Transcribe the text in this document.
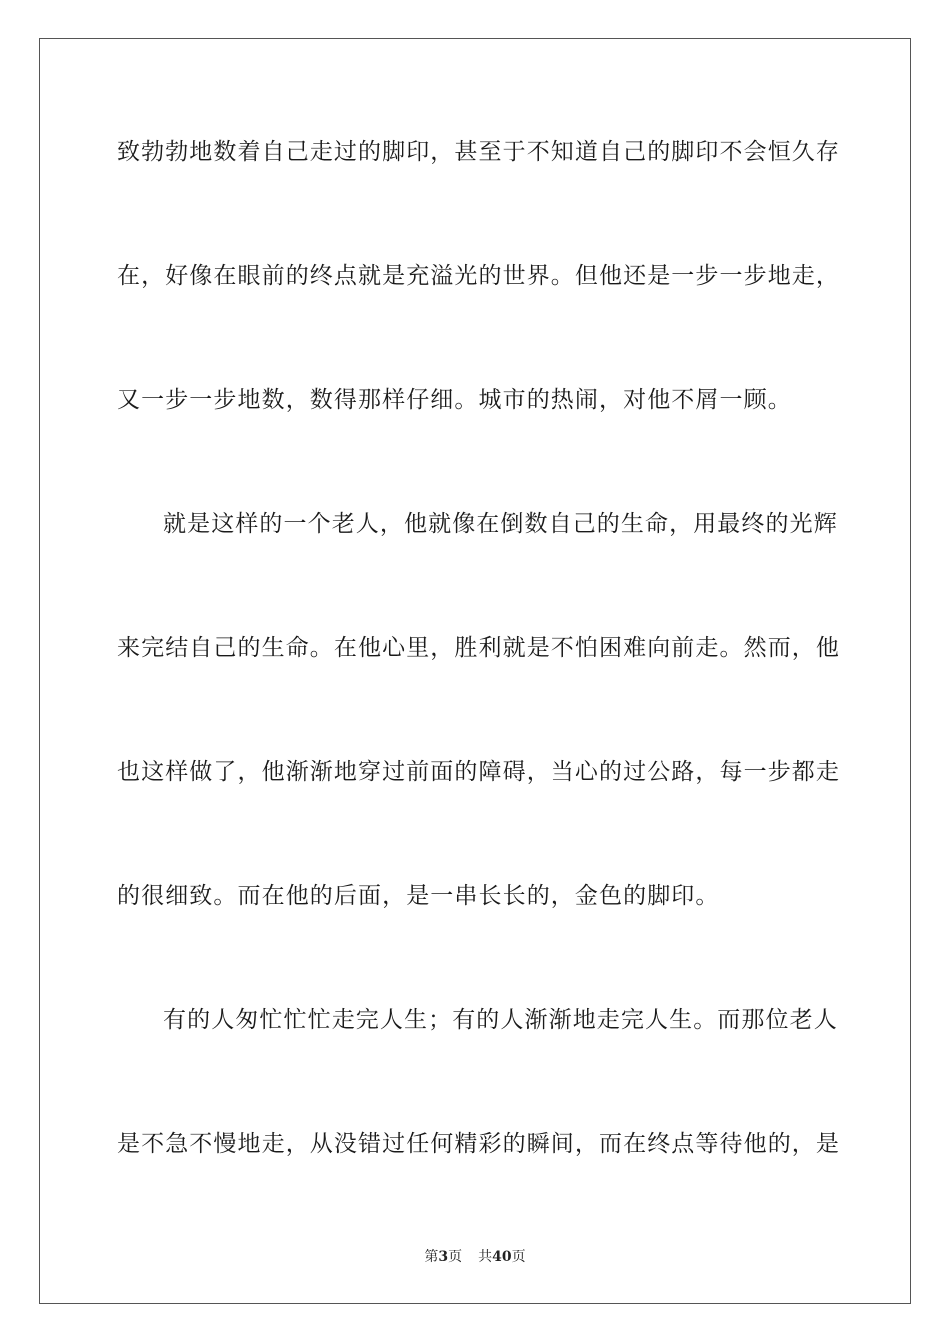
致勃勃地数着自己走过的脚印，甚至于不知道自己的脚印不会恒久存
在，好像在眼前的终点就是充溢光的世界。但他还是一步一步地走，
又一步一步地数，数得那样仔细。城市的热闹，对他不屑一顾。
就是这样的一个老人，他就像在倒数自己的生命，用最终的光辉
来完结自己的生命。在他心里，胜利就是不怕困难向前走。然而，他
也这样做了，他渐渐地穿过前面的障碍，当心的过公路，每一步都走
的很细致。而在他的后面，是一串长长的，金色的脚印。
有的人匆忙忙忙走完人生；有的人渐渐地走完人生。而那位老人
是不急不慢地走，从没错过任何精彩的瞬间，而在终点等待他的，是
第3页 共40页
